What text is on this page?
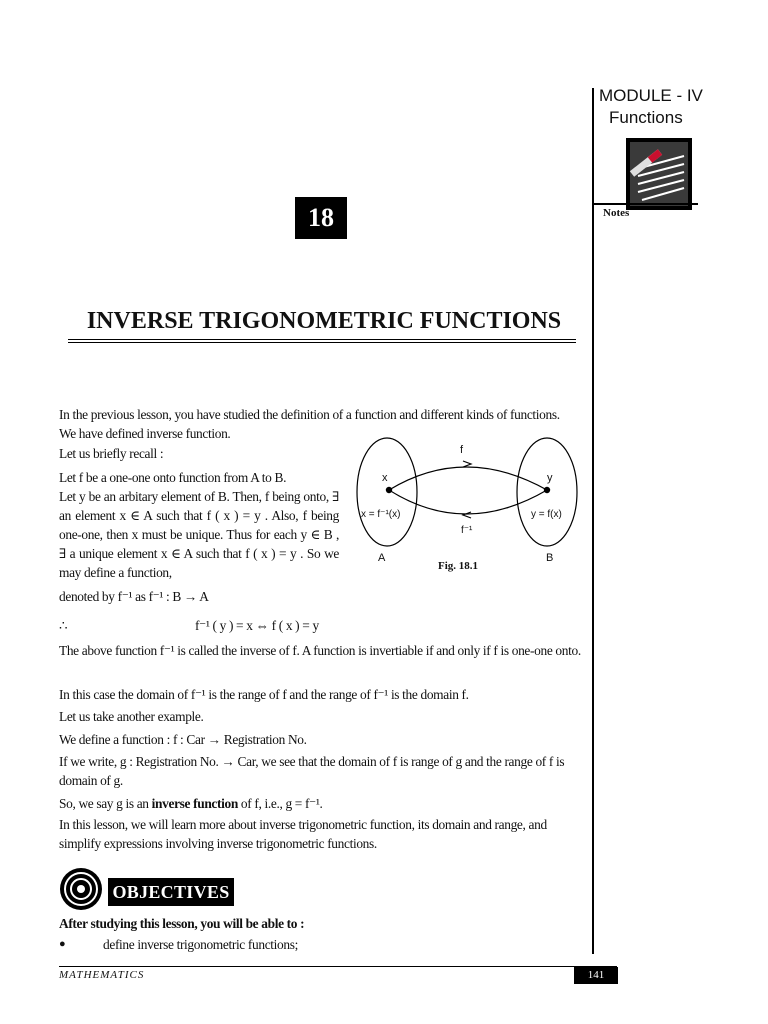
MODULE - IV
Functions
Notes
18
INVERSE TRIGONOMETRIC FUNCTIONS
In the previous lesson, you have studied the definition of a function and different kinds of functions.
We have defined inverse function.
Let us briefly recall :
Let f be a one-one onto function from A to B.
Let y be an arbitary element of B. Then, f being onto, ∃ an element x ∈ A such that f ( x ) = y . Also, f being one-one, then x must be unique. Thus for each y ∈ B , ∃ a unique element x ∈ A such that f ( x ) = y . So we may define a function,
denoted by f⁻¹ as f⁻¹ : B → A
∴	f⁻¹ ( y ) = x ⇔ f ( x ) = y
f
x	y
x = f⁻¹(x)	y = f(x)
f⁻¹
A	B
Fig. 18.1
The above function f⁻¹ is called the inverse of f. A function is invertiable if and only if f is one-one onto.
In this case the domain of f⁻¹ is the range of f and the range of f⁻¹ is the domain f.
Let us take another example.
We define a function : f : Car → Registration No.
If we write, g : Registration No. → Car, we see that the domain of f is range of g and the range of f is domain of g.
So, we say g is an inverse function of f, i.e., g = f⁻¹.
In this lesson, we will learn more about inverse trigonometric function, its domain and range, and simplify expressions involving inverse trigonometric functions.
OBJECTIVES
After studying this lesson, you will be able to :
●	define inverse trigonometric functions;
MATHEMATICS	141
